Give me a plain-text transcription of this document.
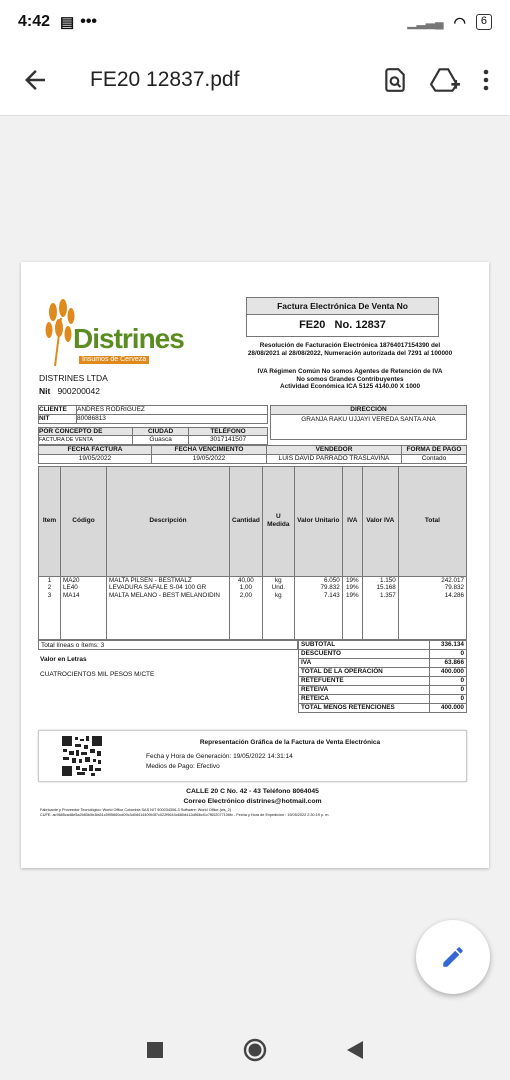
4:42 ▤ •••	▁▂▃▄ ◠	6
FE20 12837.pdf
Distrines
Insumos de Cerveza
DISTRINES LTDA
Nit 900200042
Factura Electrónica De Venta No
FE20 No. 12837
Resolución de Facturación Electrónica 18764017154390 del 28/08/2021 al 28/08/2022, Numeración autorizada del 7291 al 100000
IVA Régimen Común No somos Agentes de Retención de IVA
No somos Grandes Contribuyentes
Actividad Económica ICA 5125 4140.00 X 1000
CLIENTE	ANDRES RODRIGUEZ		
NIT	80086813		

POR CONCEPTO DE		CIUDAD	TELÉFONO
FACTURA DE VENTA		Guasca	3017141507
DIRECCIÓN
GRANJA RAKU UJJAYI VEREDA SANTA ANA
FECHA FACTURA	FECHA VENCIMIENTO	VENDEDOR	FORMA DE PAGO
19/05/2022	19/05/2022	LUIS DAVID PARRADO TRASLAVIÑA	Contado
Item	Código	Descripción	Cantidad	U Medida	Valor Unitario	IVA	Valor IVA	Total
1	MA20	MALTA PILSEN - BESTMALZ	40,00	kg	6.050	19%	1.150	242.017
2	LE40	LEVADURA SAFALE S-04 100 GR	1,00	Und.	79.832	19%	15.168	79.832
3	MA14	MALTA MELANO - BEST MELANOIDIN	2,00	kg	7.143	19%	1.357	14.286
Total líneas o ítems: 3	SUBTOTAL	336.134
DESCUENTO	0
IVA	63.866
TOTAL DE LA OPERACIÓN	400.000
RETEFUENTE	0
RETEIVA	0
RETEICA	0
TOTAL MENOS RETENCIONES	400.000
Valor en Letras
CUATROCIENTOS MIL PESOS M/CTE
Representación Gráfica de la Factura de Venta Electrónica
Fecha y Hora de Generación: 19/05/2022 14:31:14
Medios de Pago: Efectivo
CALLE 20 C No. 42 - 43 Teléfono 8064045
Correo Electrónico distrines@hotmail.com
Fabricante y Proveedor Tecnológico: World Office Colombia SAS NIT 900034306-3 Software: World Office (ws_2)
CUFE: ac9685ca48e5a2b83b0b3fa51c5f95660cd09c3d0d414409b3f7c022f9644c680d412d866cf1c7f602077106fc - Fecha y Hora de Expedición : 19/05/2022 2:30:19 p. m.
